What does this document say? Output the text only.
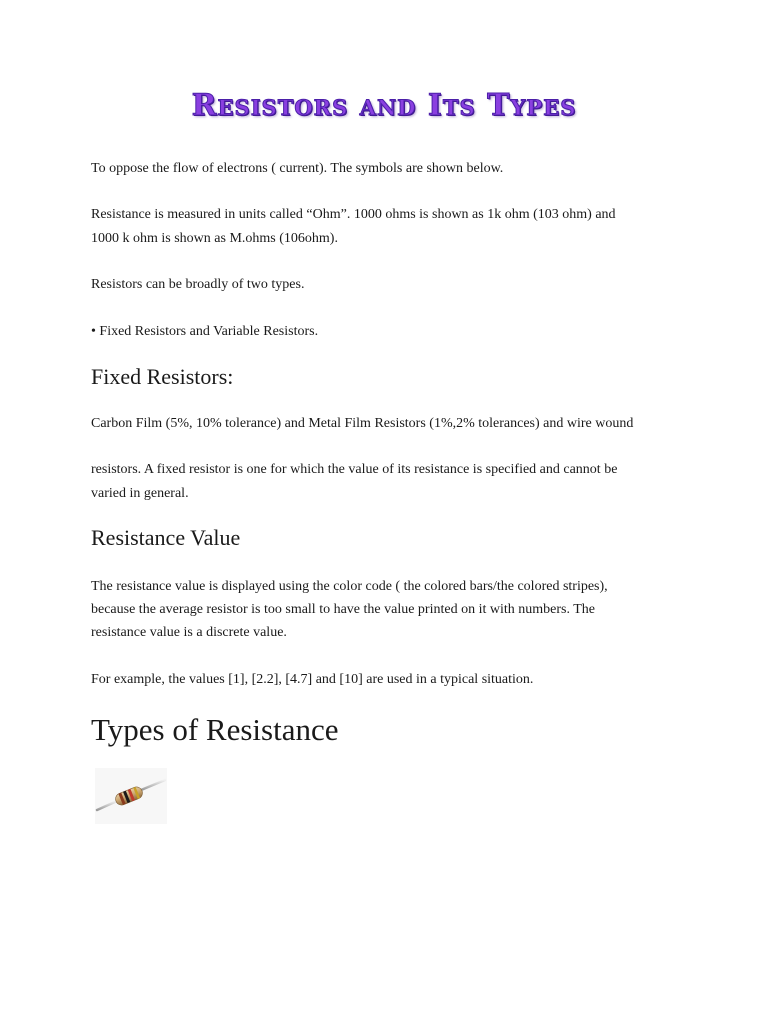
Resistors and Its Types

To oppose the flow of electrons ( current). The symbols are shown below.

Resistance is measured in units called “Ohm”. 1000 ohms is shown as 1k ohm (103 ohm) and

1000 k ohm is shown as M.ohms (106ohm).

Resistors can be broadly of two types.

• Fixed Resistors and Variable Resistors.

Fixed Resistors:

Carbon Film (5%, 10% tolerance) and Metal Film Resistors (1%,2% tolerances) and wire wound

resistors. A fixed resistor is one for which the value of its resistance is specified and cannot be

varied in general.

Resistance Value

The resistance value is displayed using the color code ( the colored bars/the colored stripes),

because the average resistor is too small to have the value printed on it with numbers. The

resistance value is a discrete value.

For example, the values [1], [2.2], [4.7] and [10] are used in a typical situation.

Types of Resistance
